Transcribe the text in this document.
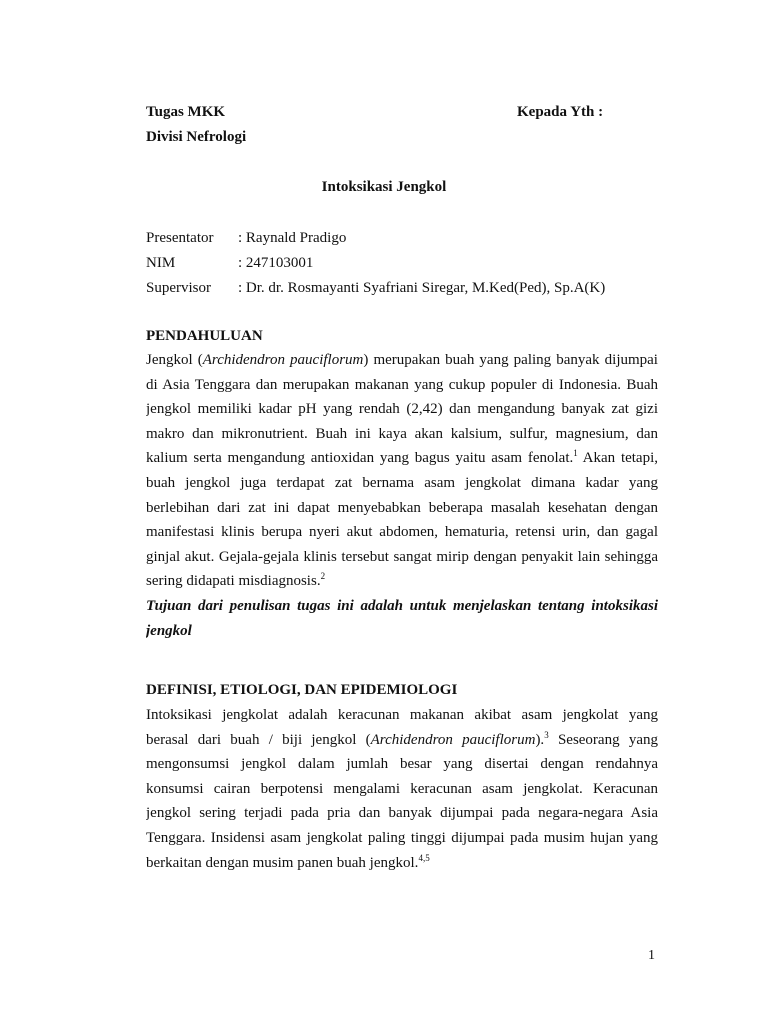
Tugas MKK	Kepada Yth :
Divisi Nefrologi
Intoksikasi Jengkol
Presentator : Raynald Pradigo
NIM	: 247103001
Supervisor : Dr. dr. Rosmayanti Syafriani Siregar, M.Ked(Ped), Sp.A(K)
PENDAHULUAN
Jengkol (Archidendron pauciflorum) merupakan buah yang paling banyak dijumpai
di Asia Tenggara dan merupakan makanan yang cukup populer di Indonesia. Buah
jengkol memiliki kadar pH yang rendah (2,42) dan mengandung banyak zat gizi
makro dan mikronutrient. Buah ini kaya akan kalsium, sulfur, magnesium, dan
kalium serta mengandung antioxidan yang bagus yaitu asam fenolat.$^1$ Akan tetapi,
buah jengkol juga terdapat zat bernama asam jengkolat dimana kadar yang
berlebihan dari zat ini dapat menyebabkan beberapa masalah kesehatan dengan
manifestasi klinis berupa nyeri akut abdomen, hematuria, retensi urin, dan gagal
ginjal akut. Gejala-gejala klinis tersebut sangat mirip dengan penyakit lain sehingga
sering didapati misdiagnosis.$^2$
Tujuan dari penulisan tugas ini adalah untuk menjelaskan tentang intoksikasi
jengkol
DEFINISI, ETIOLOGI, DAN EPIDEMIOLOGI
Intoksikasi jengkolat adalah keracunan makanan akibat asam jengkolat yang
berasal dari buah / biji jengkol (Archidendron pauciflorum).$^3$ Seseorang yang
mengonsumsi jengkol dalam jumlah besar yang disertai dengan rendahnya
konsumsi cairan berpotensi mengalami keracunan asam jengkolat. Keracunan
jengkol sering terjadi pada pria dan banyak dijumpai pada negara-negara Asia
Tenggara. Insidensi asam jengkolat paling tinggi dijumpai pada musim hujan yang
berkaitan dengan musim panen buah jengkol.$^{4,5}$
1
